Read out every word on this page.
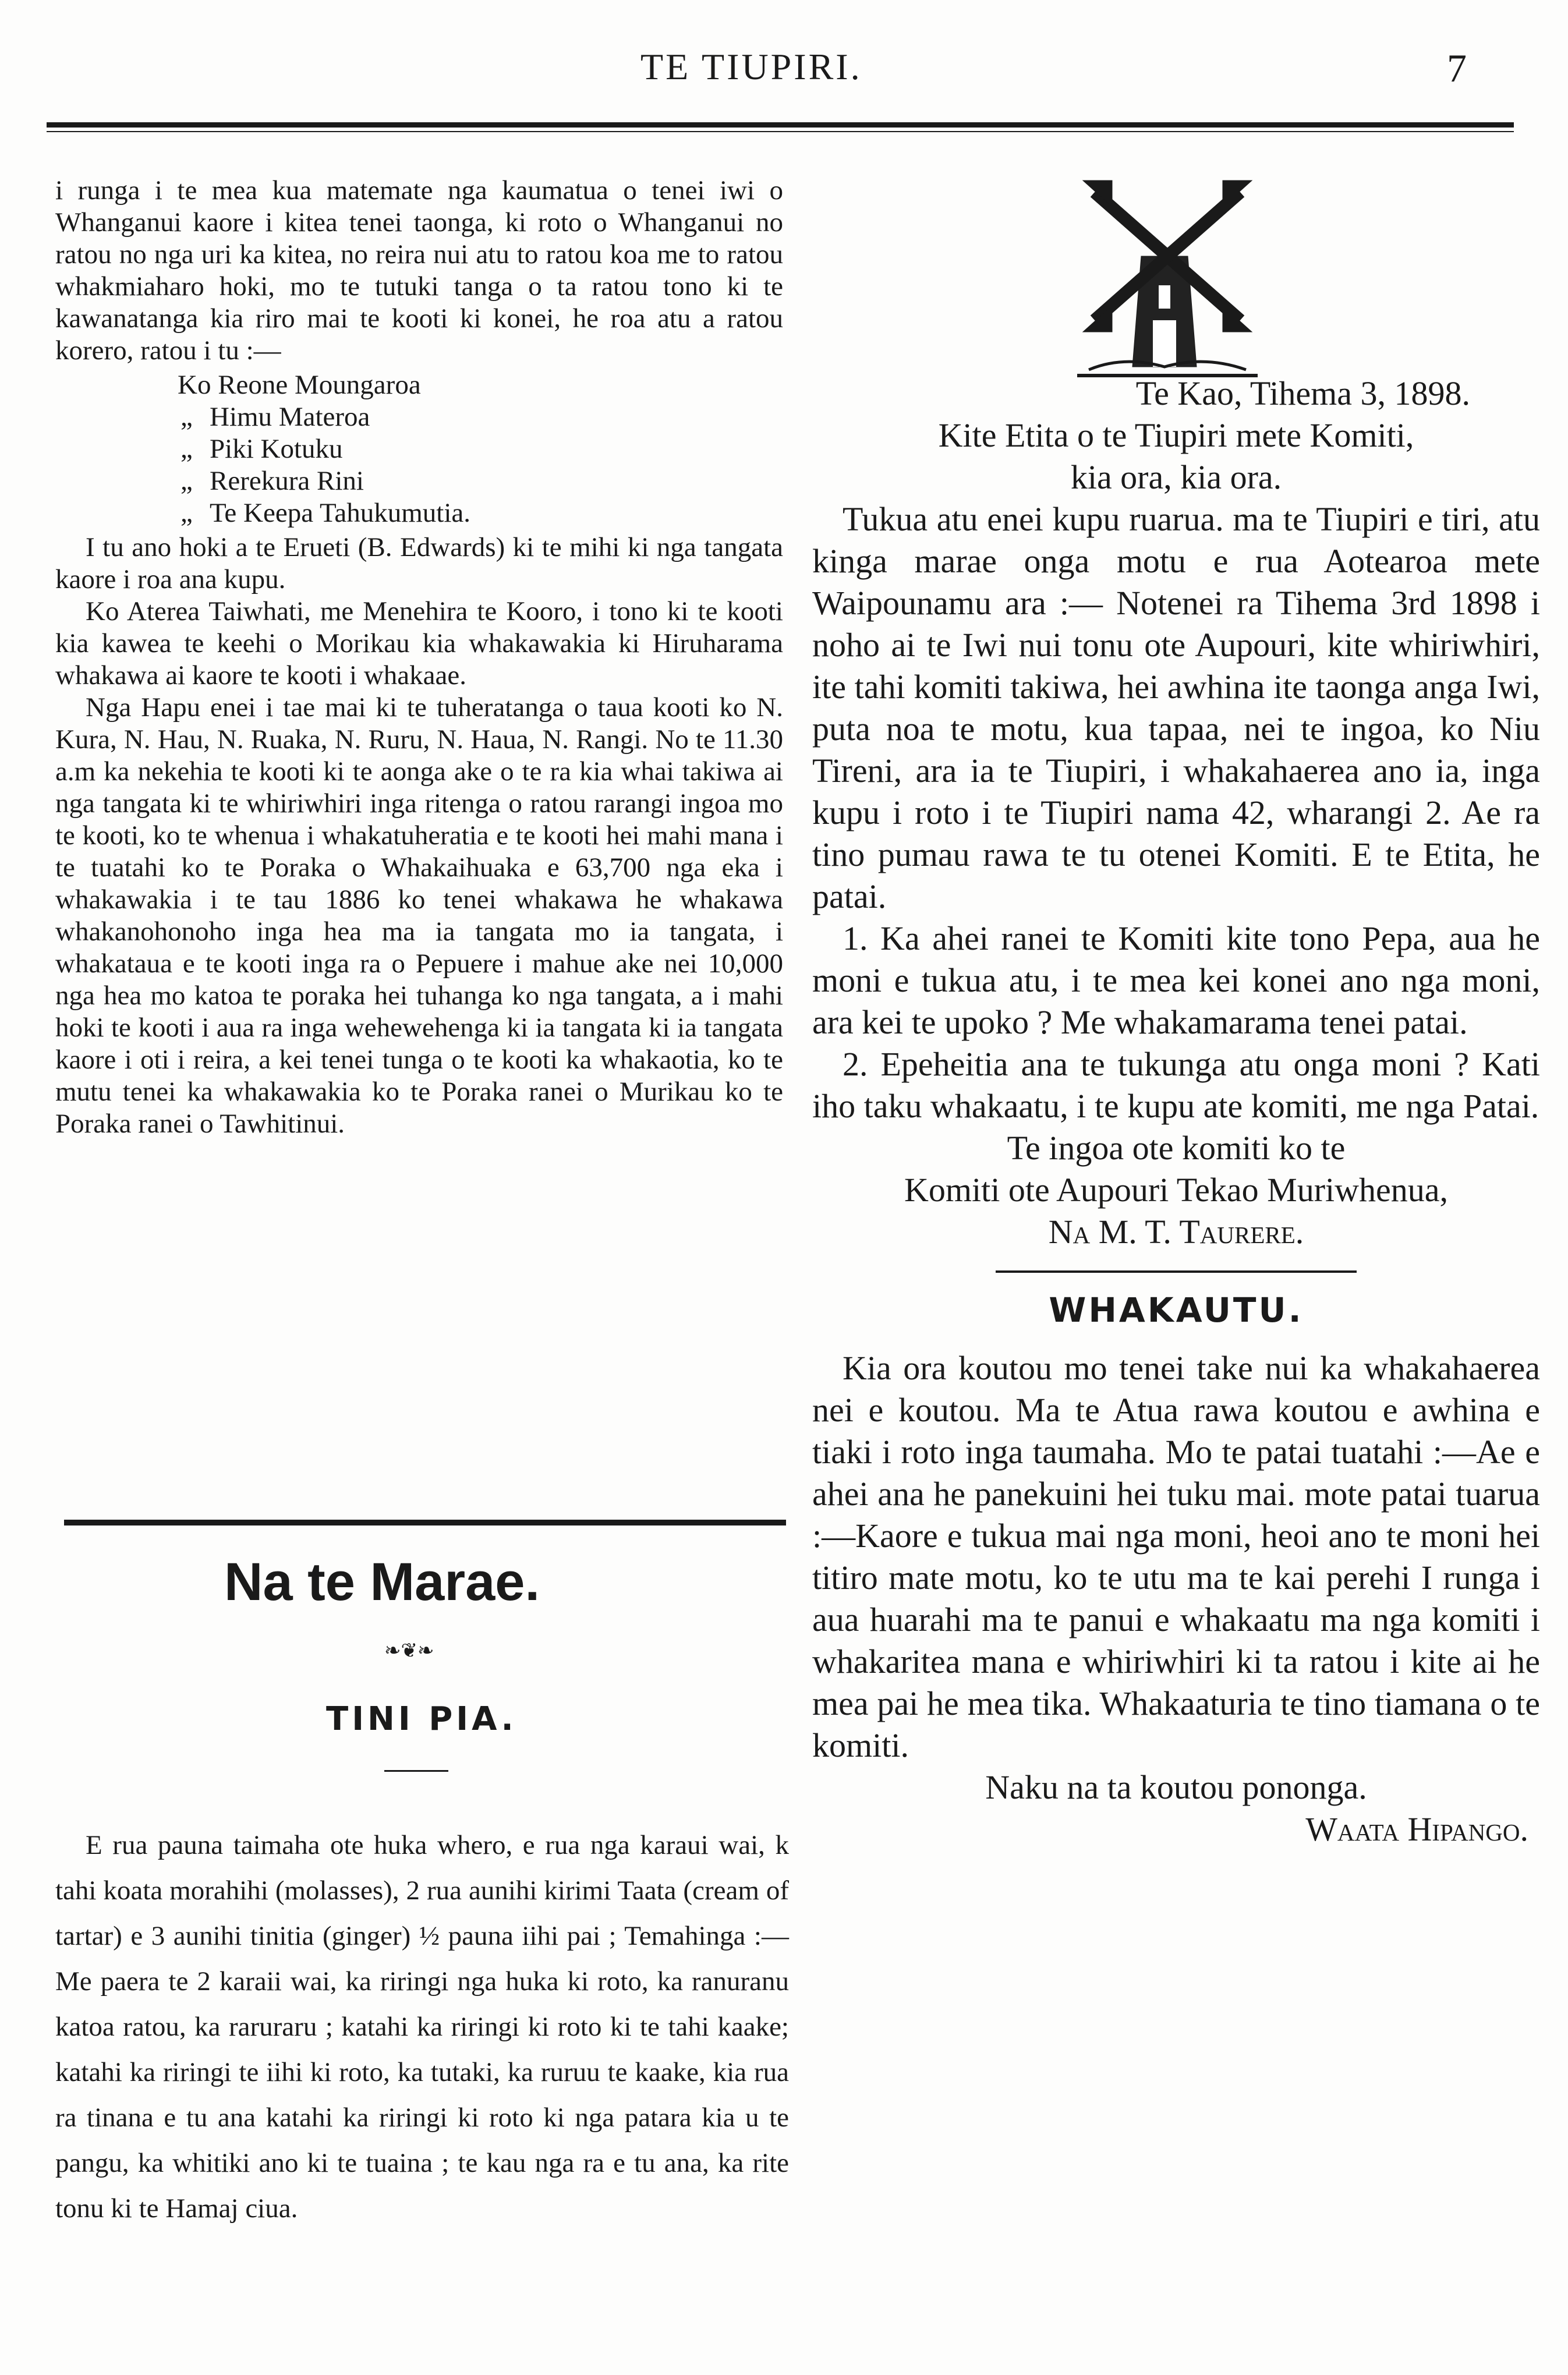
TE TIUPIRI.	7

i runga i te mea kua matemate nga kaumatua o tenei iwi o Whanganui kaore i kitea tenei taonga, ki roto o Whanganui no ratou no nga uri ka kitea, no reira nui atu to ratou koa me to ratou whakmiaharo hoki, mo te tutuki tanga o ta ratou tono ki te kawanatanga kia riro mai te kooti ki konei, he roa atu a ratou korero, ratou i tu :—

Ko Reone Moungaroa
„ Himu Materoa
„ Piki Kotuku
„ Rerekura Rini
„ Te Keepa Tahukumutia.

I tu ano hoki a te Erueti (B. Edwards) ki te mihi ki nga tangata kaore i roa ana kupu.

Ko Aterea Taiwhati, me Menehira te Kooro, i tono ki te kooti kia kawea te keehi o Morikau kia whakawakia ki Hiruharama whakawa ai kaore te kooti i whakaae.

Nga Hapu enei i tae mai ki te tuheratanga o taua kooti ko N. Kura, N. Hau, N. Ruaka, N. Ruru, N. Haua, N. Rangi. No te 11.30 a.m ka nekehia te kooti ki te aonga ake o te ra kia whai takiwa ai nga tangata ki te whiriwhiri inga ritenga o ratou rarangi ingoa mo te kooti, ko te whenua i whakatuheratia e te kooti hei mahi mana i te tuatahi ko te Poraka o Whakaihuaka e 63,700 nga eka i whakawakia i te tau 1886 ko tenei whakawa he whakawa whakanohonoho inga hea ma ia tangata mo ia tangata, i whakataua e te kooti inga ra o Pepuere i mahue ake nei 10,000 nga hea mo katoa te poraka hei tuhanga ko nga tangata, a i mahi hoki te kooti i aua ra inga wehewehenga ki ia tangata ki ia tangata kaore i oti i reira, a kei tenei tunga o te kooti ka whakaotia, ko te mutu tenei ka whakawakia ko te Poraka ranei o Murikau ko te Poraka ranei o Tawhitinui.

Na te Marae.
❧❦❧
TINI PIA.

E rua pauna taimaha ote huka whero, e rua nga karaui wai, k tahi koata morahihi (molasses), 2 rua aunihi kirimi Taata (cream of tartar) e 3 aunihi tinitia (ginger) ½ pauna iihi pai ; Temahinga :—Me paera te 2 karaii wai, ka riringi nga huka ki roto, ka ranuranu katoa ratou, ka raruraru ; katahi ka riringi ki roto ki te tahi kaake; katahi ka riringi te iihi ki roto, ka tutaki, ka ruruu te kaake, kia rua ra tinana e tu ana katahi ka riringi ki roto ki nga patara kia u te pangu, ka whitiki ano ki te tuaina ; te kau nga ra e tu ana, ka rite tonu ki te Hamaj ciua.

Te Kao, Tihema 3, 1898.

Kite Etita o te Tiupiri mete Komiti,

kia ora, kia ora.

Tukua atu enei kupu ruarua. ma te Tiupiri e tiri, atu kinga marae onga motu e rua Aotearoa mete Waipounamu ara :— Notenei ra Tihema 3rd 1898 i noho ai te Iwi nui tonu ote Aupouri, kite whiriwhiri, ite tahi komiti takiwa, hei awhina ite taonga anga Iwi, puta noa te motu, kua tapaa, nei te ingoa, ko Niu Tireni, ara ia te Tiupiri, i whakahaerea ano ia, inga kupu i roto i te Tiupiri nama 42, wharangi 2. Ae ra tino pumau rawa te tu otenei Komiti. E te Etita, he patai.

1. Ka ahei ranei te Komiti kite tono Pepa, aua he moni e tukua atu, i te mea kei konei ano nga moni, ara kei te upoko ? Me whakamarama tenei patai.

2. Epeheitia ana te tukunga atu onga moni ? Kati iho taku whakaatu, i te kupu ate komiti, me nga Patai.

Te ingoa ote komiti ko te

Komiti ote Aupouri Tekao Muriwhenua,

Na M. T. Taurere.

WHAKAUTU.

Kia ora koutou mo tenei take nui ka whakahaerea nei e koutou. Ma te Atua rawa koutou e awhina e tiaki i roto inga taumaha. Mo te patai tuatahi :—Ae e ahei ana he panekuini hei tuku mai. mote patai tuarua :—Kaore e tukua mai nga moni, heoi ano te moni hei titiro mate motu, ko te utu ma te kai perehi I runga i aua huarahi ma te panui e whakaatu ma nga komiti i whakaritea mana e whiriwhiri ki ta ratou i kite ai he mea pai he mea tika. Whakaaturia te tino tiamana o te komiti.

Naku na ta koutou pononga.

Waata Hipango.
